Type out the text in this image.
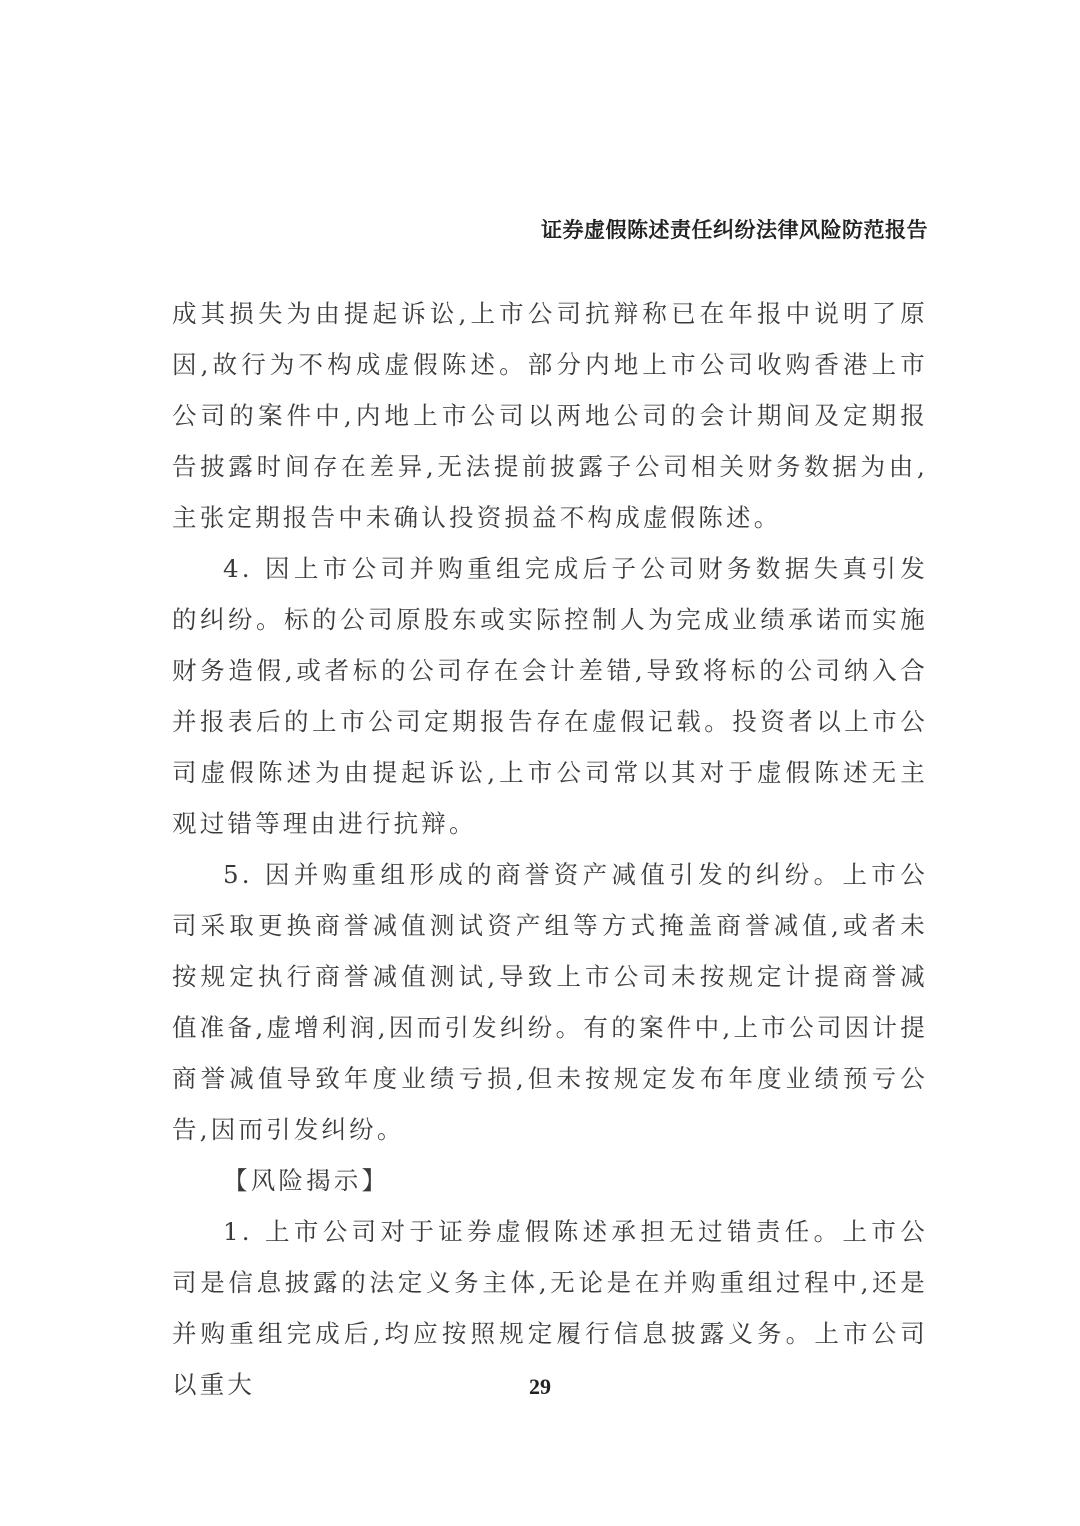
证券虚假陈述责任纠纷法律风险防范报告

成其损失为由提起诉讼,上市公司抗辩称已在年报中说明了原因,故行为不构成虚假陈述。部分内地上市公司收购香港上市公司的案件中,内地上市公司以两地公司的会计期间及定期报告披露时间存在差异,无法提前披露子公司相关财务数据为由,主张定期报告中未确认投资损益不构成虚假陈述。

4. 因上市公司并购重组完成后子公司财务数据失真引发的纠纷。标的公司原股东或实际控制人为完成业绩承诺而实施财务造假,或者标的公司存在会计差错,导致将标的公司纳入合并报表后的上市公司定期报告存在虚假记载。投资者以上市公司虚假陈述为由提起诉讼,上市公司常以其对于虚假陈述无主观过错等理由进行抗辩。

5. 因并购重组形成的商誉资产减值引发的纠纷。上市公司采取更换商誉减值测试资产组等方式掩盖商誉减值,或者未按规定执行商誉减值测试,导致上市公司未按规定计提商誉减值准备,虚增利润,因而引发纠纷。有的案件中,上市公司因计提商誉减值导致年度业绩亏损,但未按规定发布年度业绩预亏公告,因而引发纠纷。

【风险揭示】

1. 上市公司对于证券虚假陈述承担无过错责任。上市公司是信息披露的法定义务主体,无论是在并购重组过程中,还是并购重组完成后,均应按照规定履行信息披露义务。上市公司以重大	29
